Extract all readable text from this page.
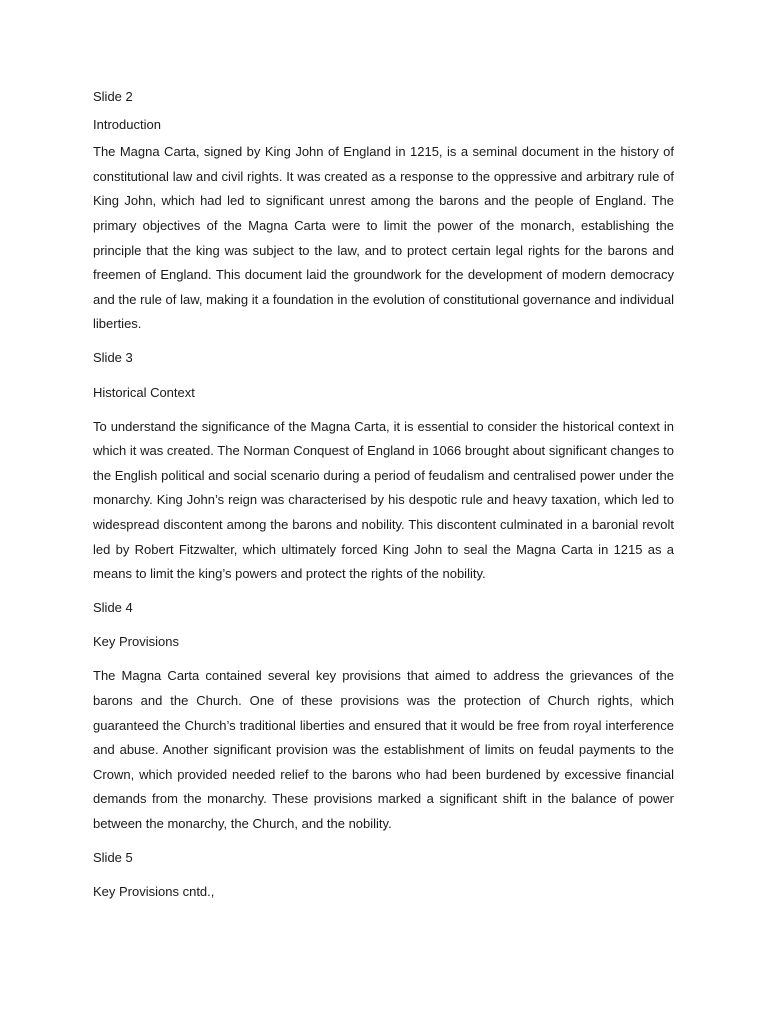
Slide 2

Introduction

The Magna Carta, signed by King John of England in 1215, is a seminal document in the history of constitutional law and civil rights. It was created as a response to the oppressive and arbitrary rule of King John, which had led to significant unrest among the barons and the people of England. The primary objectives of the Magna Carta were to limit the power of the monarch, establishing the principle that the king was subject to the law, and to protect certain legal rights for the barons and freemen of England. This document laid the groundwork for the development of modern democracy and the rule of law, making it a foundation in the evolution of constitutional governance and individual liberties.

Slide 3

Historical Context

To understand the significance of the Magna Carta, it is essential to consider the historical context in which it was created. The Norman Conquest of England in 1066 brought about significant changes to the English political and social scenario during a period of feudalism and centralised power under the monarchy. King John’s reign was characterised by his despotic rule and heavy taxation, which led to widespread discontent among the barons and nobility. This discontent culminated in a baronial revolt led by Robert Fitzwalter, which ultimately forced King John to seal the Magna Carta in 1215 as a means to limit the king’s powers and protect the rights of the nobility.

Slide 4

Key Provisions

The Magna Carta contained several key provisions that aimed to address the grievances of the barons and the Church. One of these provisions was the protection of Church rights, which guaranteed the Church’s traditional liberties and ensured that it would be free from royal interference and abuse. Another significant provision was the establishment of limits on feudal payments to the Crown, which provided needed relief to the barons who had been burdened by excessive financial demands from the monarchy. These provisions marked a significant shift in the balance of power between the monarchy, the Church, and the nobility.

Slide 5

Key Provisions cntd.,
